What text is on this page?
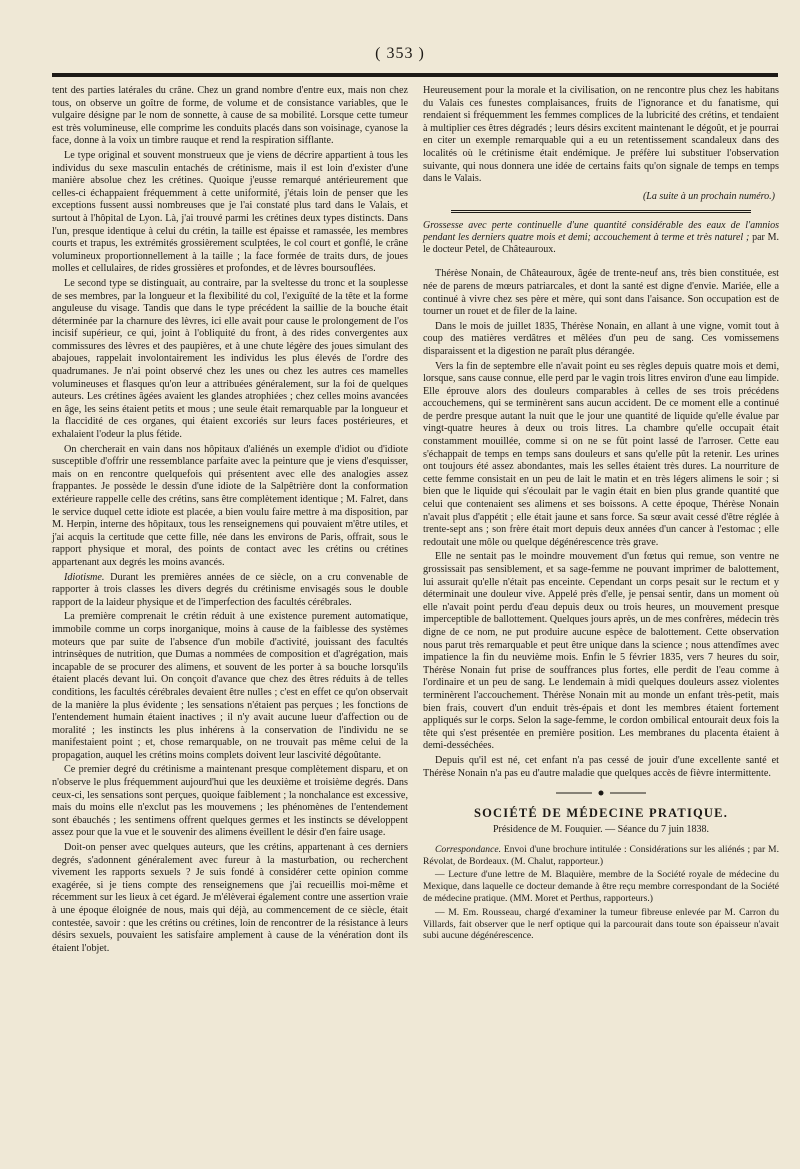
( 353 )

tent des parties latérales du crâne. Chez un grand nombre d'entre eux, mais non chez tous, on observe un goître de forme, de volume et de consistance variables, que le vulgaire désigne par le nom de sonnette, à cause de sa mobilité. Lorsque cette tumeur est très volumineuse, elle comprime les conduits placés dans son voisinage, cyanose la face, donne à la voix un timbre rauque et rend la respiration sifflante.

Le type original et souvent monstrueux que je viens de décrire appartient à tous les individus du sexe masculin entachés de crétinisme, mais il est loin d'exister d'une manière absolue chez les crétines. Quoique j'eusse remarqué antérieurement que celles-ci échappaient fréquemment à cette uniformité, j'étais loin de penser que les exceptions fussent aussi nombreuses que je l'ai constaté plus tard dans le Valais, et surtout à l'hôpital de Lyon. Là, j'ai trouvé parmi les crétines deux types distincts. Dans l'un, presque identique à celui du crétin, la taille est épaisse et ramassée, les membres courts et trapus, les extrémités grossièrement sculptées, le col court et gonflé, le crâne volumineux proportionnellement à la taille ; la face formée de traits durs, de joues molles et cellulaires, de rides grossières et profondes, et de lèvres boursouflées.

Le second type se distinguait, au contraire, par la sveltesse du tronc et la souplesse de ses membres, par la longueur et la flexibilité du col, l'exiguïté de la tête et la forme anguleuse du visage. Tandis que dans le type précédent la saillie de la bouche était déterminée par la charnure des lèvres, ici elle avait pour cause le prolongement de l'os incisif supérieur, ce qui, joint à l'obliquité du front, à des rides convergentes aux commissures des lèvres et des paupières, et à une chute légère des joues simulant des abajoues, rappelait involontairement les individus les plus élevés de l'ordre des quadrumanes. Je n'ai point observé chez les unes ou chez les autres ces mamelles volumineuses et flasques qu'on leur a attribuées généralement, sur la foi de quelques auteurs. Les crétines âgées avaient les glandes atrophiées ; chez celles moins avancées en âge, les seins étaient petits et mous ; une seule était remarquable par la longueur et la flaccidité de ces organes, qui étaient excoriés sur leurs faces postérieures, et exhalaient l'odeur la plus fétide.

On chercherait en vain dans nos hôpitaux d'aliénés un exemple d'idiot ou d'idiote susceptible d'offrir une ressemblance parfaite avec la peinture que je viens d'esquisser, mais on en rencontre quelquefois qui présentent avec elle des analogies assez frappantes. Je possède le dessin d'une idiote de la Salpêtrière dont la conformation extérieure rappelle celle des crétins, sans être complètement identique ; M. Falret, dans le service duquel cette idiote est placée, a bien voulu faire mettre à ma disposition, par M. Herpin, interne des hôpitaux, tous les renseignemens qui pouvaient m'être utiles, et j'ai acquis la certitude que cette fille, née dans les environs de Paris, offrait, sous le rapport physique et moral, des points de contact avec les crétins ou crétines appartenant aux degrés les moins avancés.

Idiotisme. Durant les premières années de ce siècle, on a cru convenable de rapporter à trois classes les divers degrés du crétinisme envisagés sous le double rapport de la laideur physique et de l'imperfection des facultés cérébrales.

La première comprenait le crétin réduit à une existence purement automatique, immobile comme un corps inorganique, moins à cause de la faiblesse des systèmes moteurs que par suite de l'absence d'un mobile d'activité, jouissant des facultés intrinsèques de nutrition, que Dumas a nommées de composition et d'agrégation, mais incapable de se procurer des alimens, et souvent de les porter à sa bouche lorsqu'ils étaient placés devant lui. On conçoit d'avance que chez des êtres réduits à de telles conditions, les facultés cérébrales devaient être nulles ; c'est en effet ce qu'on observait de la manière la plus évidente ; les sensations n'étaient pas perçues ; les fonctions de l'entendement humain étaient inactives ; il n'y avait aucune lueur d'affection ou de moralité ; les instincts les plus inhérens à la conservation de l'individu ne se manifestaient point ; et, chose remarquable, on ne trouvait pas même celui de la propagation, auquel les crétins moins complets doivent leur lascivité dégoûtante.

Ce premier degré du crétinisme a maintenant presque complètement disparu, et on n'observe le plus fréquemment aujourd'hui que les deuxième et troisième degrés. Dans ceux-ci, les sensations sont perçues, quoique faiblement ; la nonchalance est excessive, mais du moins elle n'exclut pas les mouvemens ; les phénomènes de l'entendement sont ébauchés ; les sentimens offrent quelques germes et les instincts se développent assez pour que la vue et le souvenir des alimens éveillent le désir d'en faire usage.

Doit-on penser avec quelques auteurs, que les crétins, appartenant à ces derniers degrés, s'adonnent généralement avec fureur à la masturbation, ou recherchent vivement les rapports sexuels ? Je suis fondé à considérer cette opinion comme exagérée, si je tiens compte des renseignemens que j'ai recueillis moi-même et récemment sur les lieux à cet égard. Je m'élèverai également contre une assertion vraie à une époque éloignée de nous, mais qui déjà, au commencement de ce siècle, était contestée, savoir : que les crétins ou crétines, loin de rencontrer de la résistance à leurs désirs sexuels, pouvaient les satisfaire amplement à cause de la vénération dont ils étaient l'objet.

Heureusement pour la morale et la civilisation, on ne rencontre plus chez les habitans du Valais ces funestes complaisances, fruits de l'ignorance et du fanatisme, qui rendaient si fréquemment les femmes complices de la lubricité des crétins, et tendaient à multiplier ces êtres dégradés ; leurs désirs excitent maintenant le dégoût, et je pourrai en citer un exemple remarquable qui a eu un retentissement scandaleux dans des localités où le crétinisme était endémique. Je préfère lui substituer l'observation suivante, qui nous donnera une idée de certains faits qu'on signale de temps en temps dans le Valais.

(La suite à un prochain numéro.)
Grossesse avec perte continuelle d'une quantité considérable des eaux de l'amnios pendant les derniers quatre mois et demi; accouchement à terme et très naturel ; par M. le docteur Petel, de Châteauroux.

Thérèse Nonain, de Châteauroux, âgée de trente-neuf ans, très bien constituée, est née de parens de mœurs patriarcales, et dont la santé est digne d'envie. Mariée, elle a continué à vivre chez ses père et mère, qui sont dans l'aisance. Son occupation est de tourner un rouet et de filer de la laine.

Dans le mois de juillet 1835, Thérèse Nonain, en allant à une vigne, vomit tout à coup des matières verdâtres et mêlées d'un peu de sang. Ces vomissemens disparaissent et la digestion ne paraît plus dérangée.

Vers la fin de septembre elle n'avait point eu ses règles depuis quatre mois et demi, lorsque, sans cause connue, elle perd par le vagin trois litres environ d'une eau limpide. Elle éprouve alors des douleurs comparables à celles de ses trois précédens accouchemens, qui se terminèrent sans aucun accident. De ce moment elle a continué de perdre presque autant la nuit que le jour une quantité de liquide qu'elle évalue par vingt-quatre heures à deux ou trois litres. La chambre qu'elle occupait était constamment mouillée, comme si on ne se fût point lassé de l'arroser. Cette eau s'échappait de temps en temps sans douleurs et sans qu'elle pût la retenir. Les urines ont toujours été assez abondantes, mais les selles étaient très dures. La nourriture de cette femme consistait en un peu de lait le matin et en très légers alimens le soir ; si bien que le liquide qui s'écoulait par le vagin était en bien plus grande quantité que celui que contenaient ses alimens et ses boissons. A cette époque, Thérèse Nonain n'avait plus d'appétit ; elle était jaune et sans force. Sa sœur avait cessé d'être réglée à trente-sept ans ; son frère était mort depuis deux années d'un cancer à l'estomac ; elle redoutait une môle ou quelque dégénérescence très grave.

Elle ne sentait pas le moindre mouvement d'un fœtus qui remue, son ventre ne grossissait pas sensiblement, et sa sage-femme ne pouvant imprimer de balottement, lui assurait qu'elle n'était pas enceinte. Cependant un corps pesait sur le rectum et y déterminait une douleur vive. Appelé près d'elle, je pensai sentir, dans un moment où elle n'avait point perdu d'eau depuis deux ou trois heures, un mouvement presque imperceptible de ballottement. Quelques jours après, un de mes confrères, médecin très digne de ce nom, ne put produire aucune espèce de balottement. Cette observation nous parut très remarquable et peut être unique dans la science ; nous attendîmes avec impatience la fin du neuvième mois. Enfin le 5 février 1835, vers 7 heures du soir, Thérèse Nonain fut prise de souffrances plus fortes, elle perdit de l'eau comme à l'ordinaire et un peu de sang. Le lendemain à midi quelques douleurs assez violentes terminèrent l'accouchement. Thérèse Nonain mit au monde un enfant très-petit, mais bien frais, couvert d'un enduit très-épais et dont les membres étaient fortement appliqués sur le corps. Selon la sage-femme, le cordon ombilical entourait deux fois la tête qui s'est présentée en première position. Les membranes du placenta étaient à demi-desséchées.

Depuis qu'il est né, cet enfant n'a pas cessé de jouir d'une excellente santé et Thérèse Nonain n'a pas eu d'autre maladie que quelques accès de fièvre intermittente.

SOCIÉTÉ DE MÉDECINE PRATIQUE.
Présidence de M. Fouquier. — Séance du 7 juin 1838.

Correspondance. Envoi d'une brochure intitulée : Considérations sur les aliénés ; par M. Révolat, de Bordeaux. (M. Chalut, rapporteur.)

— Lecture d'une lettre de M. Blaquière, membre de la Société royale de médecine du Mexique, dans laquelle ce docteur demande à être reçu membre correspondant de la Société de médecine pratique. (MM. Moret et Perthus, rapporteurs.)

— M. Em. Rousseau, chargé d'examiner la tumeur fibreuse enlevée par M. Carron du Villards, fait observer que le nerf optique qui la parcourait dans toute son épaisseur n'avait subi aucune dégénérescence.
